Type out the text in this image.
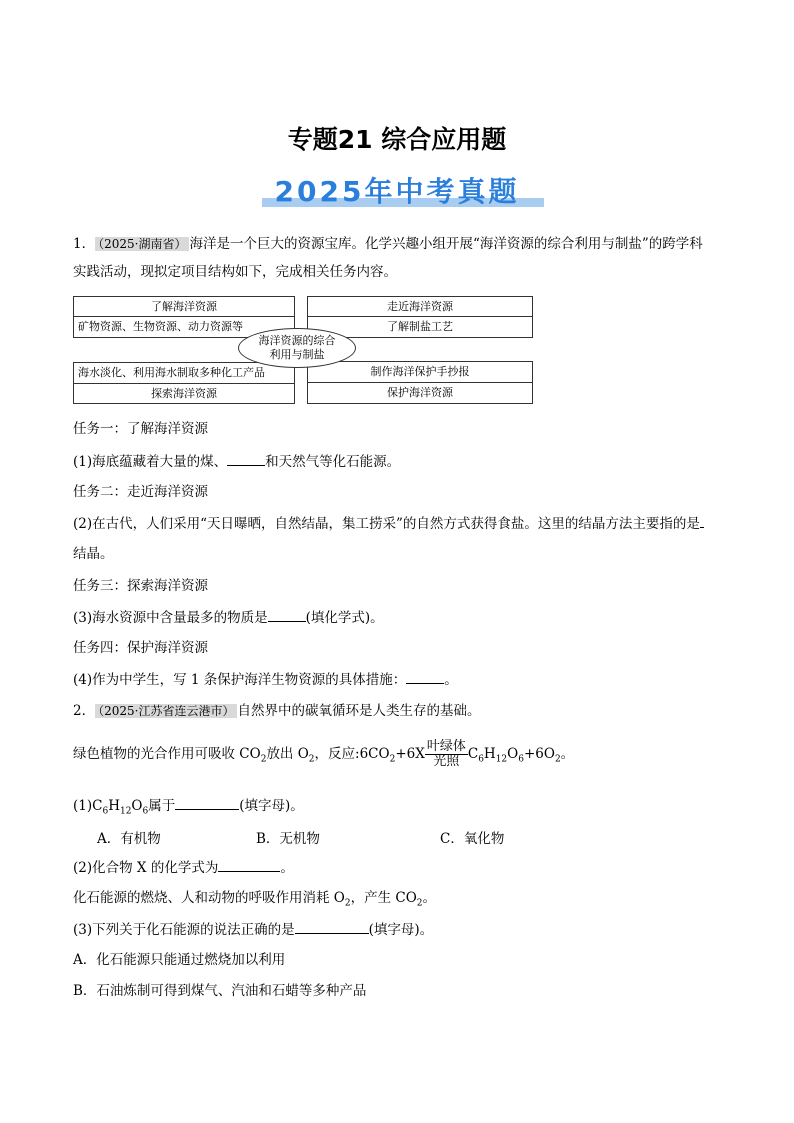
专题21 综合应用题
2025年中考真题
1． （2025·湖南省） 海洋是一个巨大的资源宝库。化学兴趣小组开展“海洋资源的综合利用与制盐”的跨学科
实践活动，现拟定项目结构如下，完成相关任务内容。
了解海洋资源
矿物资源、生物资源、动力资源等
走近海洋资源
了解制盐工艺
海水淡化、利用海水制取多种化工产品
探索海洋资源
制作海洋保护手抄报
保护海洋资源
海洋资源的综合
利用与制盐
任务一：了解海洋资源
(1)海底蕴藏着大量的煤、	和天然气等化石能源。
任务二：走近海洋资源
(2)在古代，人们采用“天日曝晒，自然结晶，集工捞采”的自然方式获得食盐。这里的结晶方法主要指的是
结晶。
任务三：探索海洋资源
(3)海水资源中含量最多的物质是	(填化学式)。
任务四：保护海洋资源
(4)作为中学生，写 1 条保护海洋生物资源的具体措施：	。
2． （2025·江苏省连云港市） 自然界中的碳氧循环是人类生存的基础。
绿色植物的光合作用可吸收 $CO_2$放出 $O_2$，反应$:6CO_2+6X \frac{\text{叶绿体}}{\text{光照}} C_6H_{12}O_6+6O_2$。
$(1)C_6H_{12}O_6$属于	(填字母)。
A．有机物	B．无机物	C．氧化物
(2)化合物 X 的化学式为	。
化石能源的燃烧、人和动物的呼吸作用消耗 $O_2$，产生 $CO_2$。
(3)下列关于化石能源的说法正确的是	(填字母)。
A．化石能源只能通过燃烧加以利用
B．石油炼制可得到煤气、汽油和石蜡等多种产品
